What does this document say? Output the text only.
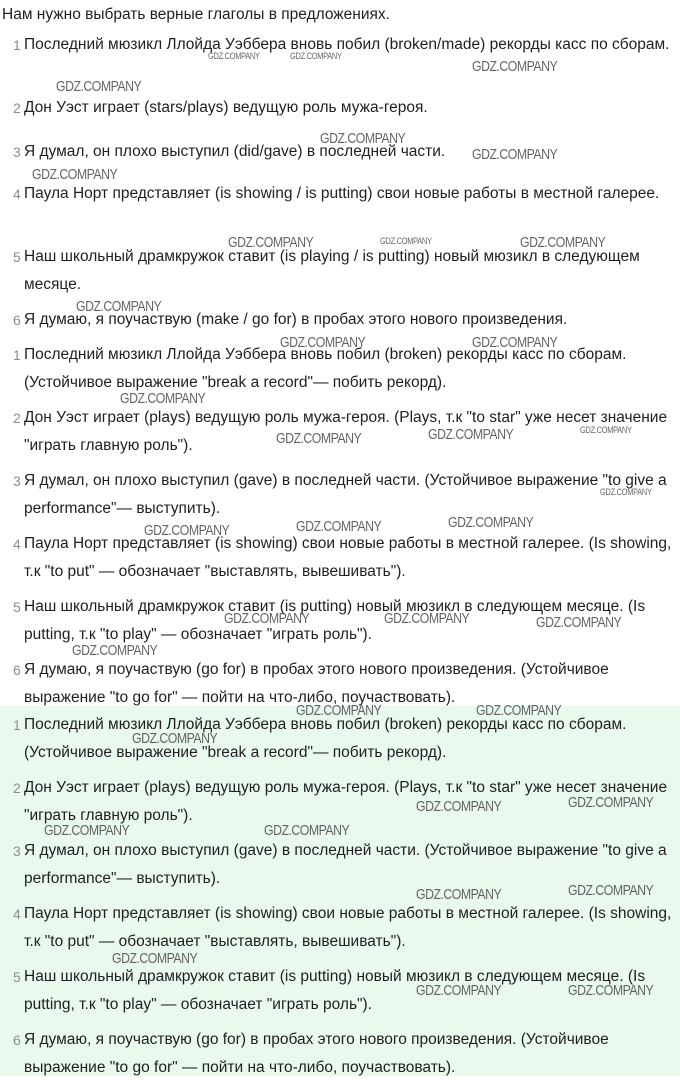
Нам нужно выбрать верные глаголы в предложениях.

1 Последний мюзикл Ллойда Уэббера вновь побил (broken/made) рекорды касс по сборам.

2 Дон Уэст играет (stars/plays) ведущую роль мужа-героя.

3 Я думал, он плохо выступил (did/gave) в последней части.

4 Паула Норт представляет (is showing / is putting) свои новые работы в местной галерее.

5 Наш школьный драмкружок ставит (is playing / is putting) новый мюзикл в следующем месяце.

6 Я думаю, я поучаствую (make / go for) в пробах этого нового произведения.

1 Последний мюзикл Ллойда Уэббера вновь побил (broken) рекорды касс по сборам. (Устойчивое выражение "break a record"— побить рекорд).

2 Дон Уэст играет (plays) ведущую роль мужа-героя. (Plays, т.к "to star" уже несет значение "играть главную роль").

3 Я думал, он плохо выступил (gave) в последней части. (Устойчивое выражение "to give a performance"— выступить).

4 Паула Норт представляет (is showing) свои новые работы в местной галерее. (Is showing, т.к "to put" — обозначает "выставлять, вывешивать").

5 Наш школьный драмкружок ставит (is putting) новый мюзикл в следующем месяце. (Is putting, т.к "to play" — обозначает "играть роль").

6 Я думаю, я поучаствую (go for) в пробах этого нового произведения. (Устойчивое выражение "to go for" — пойти на что-либо, поучаствовать).

1 Последний мюзикл Ллойда Уэббера вновь побил (broken) рекорды касс по сборам. (Устойчивое выражение "break a record"— побить рекорд).

2 Дон Уэст играет (plays) ведущую роль мужа-героя. (Plays, т.к "to star" уже несет значение "играть главную роль").

3 Я думал, он плохо выступил (gave) в последней части. (Устойчивое выражение "to give a performance"— выступить).

4 Паула Норт представляет (is showing) свои новые работы в местной галерее. (Is showing, т.к "to put" — обозначает "выставлять, вывешивать").

5 Наш школьный драмкружок ставит (is putting) новый мюзикл в следующем месяце. (Is putting, т.к "to play" — обозначает "играть роль").

6 Я думаю, я поучаствую (go for) в пробах этого нового произведения. (Устойчивое выражение "to go for" — пойти на что-либо, поучаствовать).

GDZ.COMPANY	GDZ.COMPANY
GDZ.COMPANY
GDZ.COMPANY
GDZ.COMPANY
GDZ.COMPANY
GDZ.COMPANY
GDZ.COMPANY	GDZ.COMPANY	GDZ.COMPANY
GDZ.COMPANY
GDZ.COMPANY	GDZ.COMPANY
GDZ.COMPANY
GDZ.COMPANY
GDZ.COMPANY	GDZ.COMPANY
GDZ.COMPANY
GDZ.COMPANY
GDZ.COMPANY
GDZ.COMPANY
GDZ.COMPANY	GDZ.COMPANY	GDZ.COMPANY
GDZ.COMPANY
GDZ.COMPANY	GDZ.COMPANY
GDZ.COMPANY
GDZ.COMPANY
GDZ.COMPANY
GDZ.COMPANY	GDZ.COMPANY
GDZ.COMPANY
GDZ.COMPANY
GDZ.COMPANY
GDZ.COMPANY	GDZ.COMPANY
